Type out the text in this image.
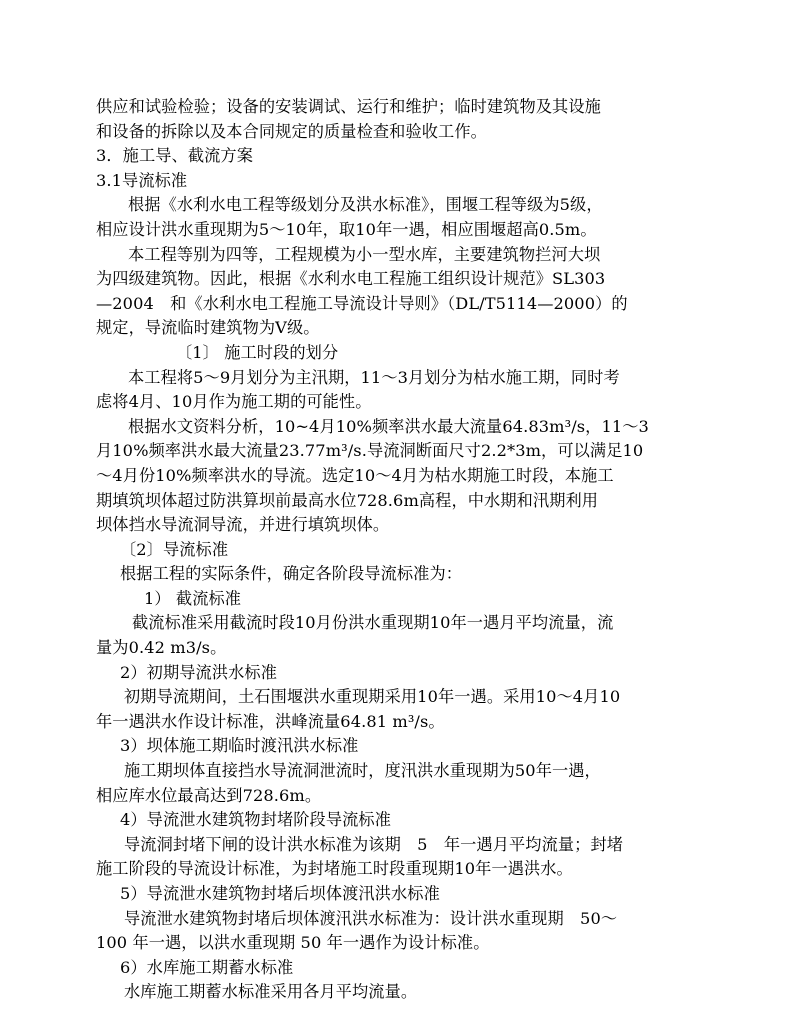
供应和试验检验；设备的安装调试、运行和维护；临时建筑物及其设施
和设备的拆除以及本合同规定的质量检查和验收工作。
3．施工导、截流方案
3.1导流标准
根据《水利水电工程等级划分及洪水标准》，围堰工程等级为5级，
相应设计洪水重现期为5～10年，取10年一遇，相应围堰超高0.5m。
本工程等别为四等，工程规模为小一型水库，主要建筑物拦河大坝
为四级建筑物。因此，根据《水利水电工程施工组织设计规范》SL303
—2004　和《水利水电工程施工导流设计导则》（DL/T5114—2000）的
规定，导流临时建筑物为Ⅴ级。
〔1〕 施工时段的划分
本工程将5～9月划分为主汛期，11～3月划分为枯水施工期，同时考
虑将4月、10月作为施工期的可能性。
根据水文资料分析，10~4月10%频率洪水最大流量64.83m³/s，11～3
月10%频率洪水最大流量23.77m³/s.导流洞断面尺寸2.2*3m，可以满足10
～4月份10%频率洪水的导流。选定10～4月为枯水期施工时段，本施工
期填筑坝体超过防洪算坝前最高水位728.6m高程，中水期和汛期利用
坝体挡水导流洞导流，并进行填筑坝体。
〔2〕导流标准
根据工程的实际条件，确定各阶段导流标准为：
1） 截流标准
截流标准采用截流时段10月份洪水重现期10年一遇月平均流量，流
量为0.42 m3/s。
2）初期导流洪水标准
初期导流期间，土石围堰洪水重现期采用10年一遇。采用10～4月10
年一遇洪水作设计标准，洪峰流量64.81 m³/s。
3）坝体施工期临时渡汛洪水标准
施工期坝体直接挡水导流洞泄流时，度汛洪水重现期为50年一遇，
相应库水位最高达到728.6m。
4）导流泄水建筑物封堵阶段导流标准
导流洞封堵下闸的设计洪水标准为该期　5　年一遇月平均流量；封堵
施工阶段的导流设计标准，为封堵施工时段重现期10年一遇洪水。
5）导流泄水建筑物封堵后坝体渡汛洪水标准
导流泄水建筑物封堵后坝体渡汛洪水标准为：设计洪水重现期　50～
100 年一遇，以洪水重现期 50 年一遇作为设计标准。
6）水库施工期蓄水标准
水库施工期蓄水标准采用各月平均流量。
